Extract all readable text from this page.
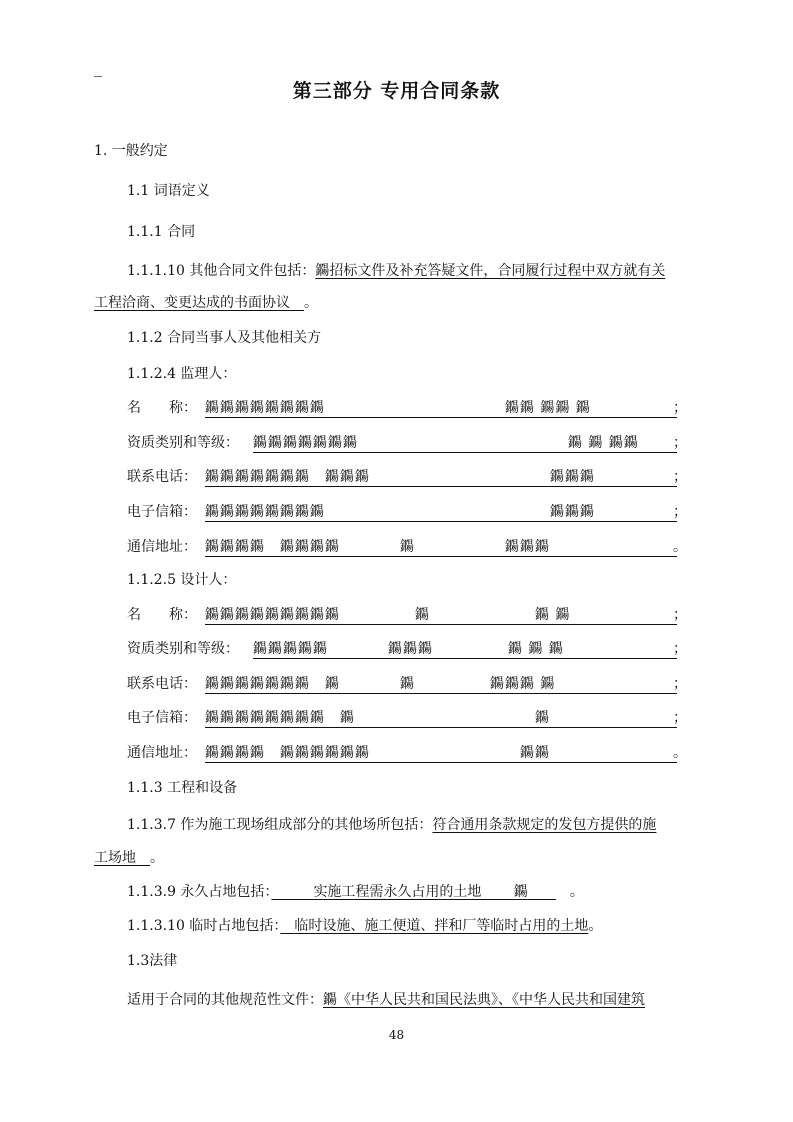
_
第三部分 专用合同条款
1. 一般约定
1.1 词语定义
1.1.1 合同
1.1.1.10 其他合同文件包括：鐊招标文件及补充答疑文件，合同履行过程中双方就有关
工程洽商、变更达成的书面协议　 。
1.1.2 合同当事人及其他相关方
1.1.2.4 监理人：
名　　称： 鐊鐊鐊鐊鐊鐊鐊鐊　　　　　　　　　　　　鐊鐊 鐊鐊 鐊	；
资质类别和等级： 鐊鐊鐊鐊鐊鐊鐊　　　　　　　　　　　　　　鐊 鐊 鐊鐊	；
联系电话： 鐊鐊鐊鐊鐊鐊鐊　鐊鐊鐊　　　　　　　　　　　　鐊鐊鐊	；
电子信箱： 鐊鐊鐊鐊鐊鐊鐊鐊　　　　　　　　　　　　　　　鐊鐊鐊	；
通信地址： 鐊鐊鐊鐊　鐊鐊鐊鐊　　　　鐊　　　　　　鐊鐊鐊	。
1.1.2.5 设计人：
名　　称： 鐊鐊鐊鐊鐊鐊鐊鐊鐊　　　　　鐊　　　　　　　鐊 鐊	；
资质类别和等级： 鐊鐊鐊鐊鐊　　　　鐊鐊鐊　　　　　鐊 鐊 鐊	；
联系电话： 鐊鐊鐊鐊鐊鐊鐊　鐊　　　　鐊　　　　　鐊鐊鐊 鐊	；
电子信箱： 鐊鐊鐊鐊鐊鐊鐊鐊　鐊　　　　　　　　　　　　鐊	；
通信地址： 鐊鐊鐊鐊　鐊鐊鐊鐊鐊鐊　　　　　　　　　　鐊鐊	。
1.1.3 工程和设备
1.1.3.7 作为施工现场组成部分的其他场所包括：符合通用条款规定的发包方提供的施
工场地　 。
1.1.3.9 永久占地包括：　　　	实施工程需永久占用的土地　　 鐊　　　	。
1.1.3.10 临时占地包括：　 临时设施、施工便道、拌和厂等临时占用的土地。
1.3法律
适用于合同的其他规范性文件：鐊《中华人民共和国民法典》、《中华人民共和国建筑
48
